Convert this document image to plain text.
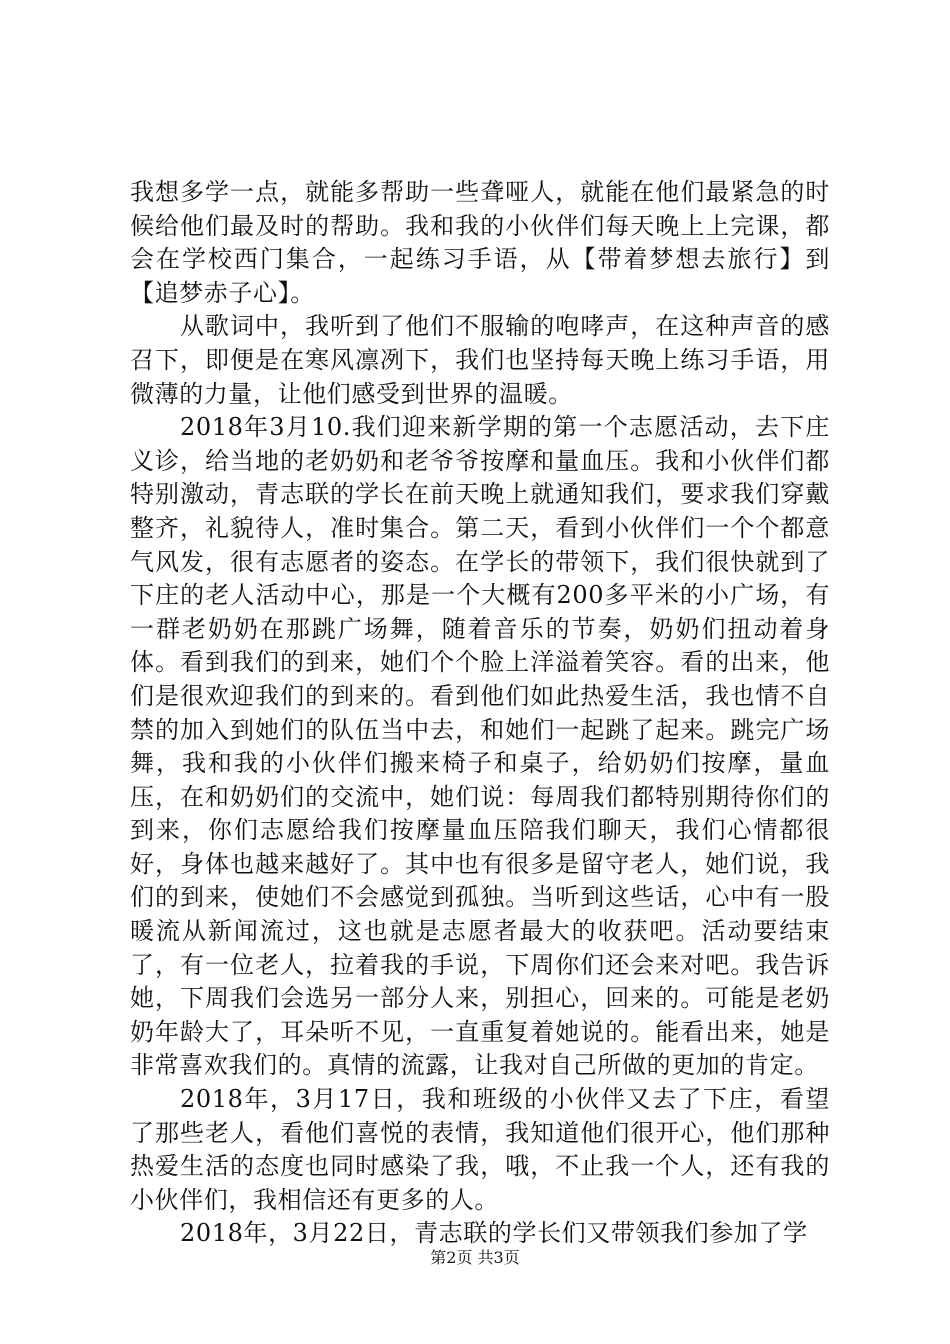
我想多学一点，就能多帮助一些聋哑人，就能在他们最紧急的时候给他们最及时的帮助。我和我的小伙伴们每天晚上上完课，都会在学校西门集合，一起练习手语，从【带着梦想去旅行】到【追梦赤子心】。

从歌词中，我听到了他们不服输的咆哮声，在这种声音的感召下，即便是在寒风凛冽下，我们也坚持每天晚上练习手语，用微薄的力量，让他们感受到世界的温暖。

2018年3月10.我们迎来新学期的第一个志愿活动，去下庄义诊，给当地的老奶奶和老爷爷按摩和量血压。我和小伙伴们都特别激动，青志联的学长在前天晚上就通知我们，要求我们穿戴整齐，礼貌待人，准时集合。第二天，看到小伙伴们一个个都意气风发，很有志愿者的姿态。在学长的带领下，我们很快就到了下庄的老人活动中心，那是一个大概有200多平米的小广场，有一群老奶奶在那跳广场舞，随着音乐的节奏，奶奶们扭动着身体。看到我们的到来，她们个个脸上洋溢着笑容。看的出来，他们是很欢迎我们的到来的。看到他们如此热爱生活，我也情不自禁的加入到她们的队伍当中去，和她们一起跳了起来。跳完广场舞，我和我的小伙伴们搬来椅子和桌子，给奶奶们按摩，量血压，在和奶奶们的交流中，她们说：每周我们都特别期待你们的到来，你们志愿给我们按摩量血压陪我们聊天，我们心情都很好，身体也越来越好了。其中也有很多是留守老人，她们说，我们的到来，使她们不会感觉到孤独。当听到这些话，心中有一股暖流从新闻流过，这也就是志愿者最大的收获吧。活动要结束了，有一位老人，拉着我的手说，下周你们还会来对吧。我告诉她，下周我们会选另一部分人来，别担心，回来的。可能是老奶奶年龄大了，耳朵听不见，一直重复着她说的。能看出来，她是非常喜欢我们的。真情的流露，让我对自己所做的更加的肯定。

2018年，3月17日，我和班级的小伙伴又去了下庄，看望了那些老人，看他们喜悦的表情，我知道他们很开心，他们那种热爱生活的态度也同时感染了我，哦，不止我一个人，还有我的小伙伴们，我相信还有更多的人。

2018年，3月22日，青志联的学长们又带领我们参加了学

第2页 共3页
